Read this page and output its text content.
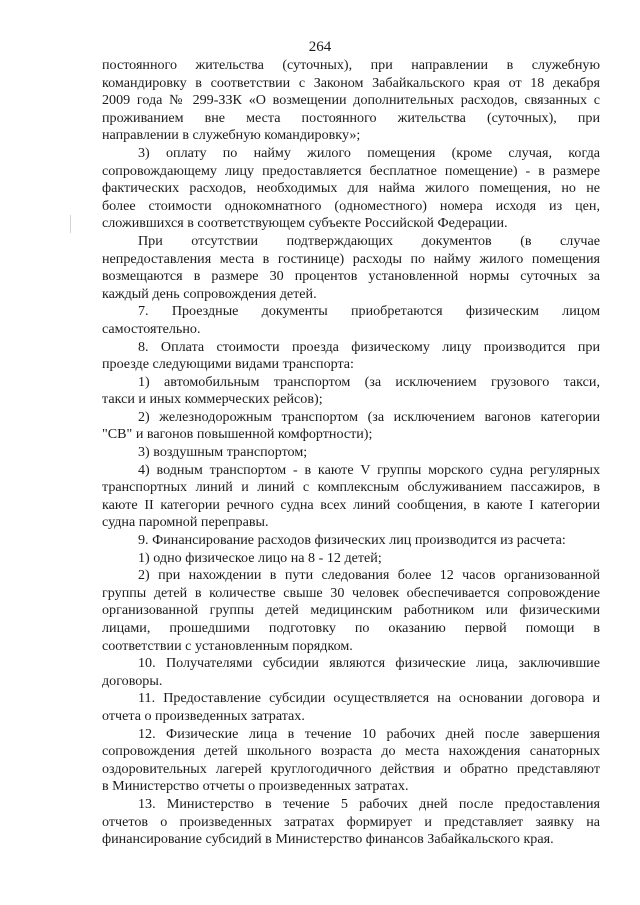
264

постоянного жительства (суточных), при направлении в служебную

командировку в соответствии с Законом Забайкальского края от 18 декабря

2009 года № 299-ЗЗК «О возмещении дополнительных расходов, связанных с

проживанием вне места постоянного жительства (суточных), при

направлении в служебную командировку»;

3) оплату по найму жилого помещения (кроме случая, когда

сопровождающему лицу предоставляется бесплатное помещение) - в размере

фактических расходов, необходимых для найма жилого помещения, но не

более стоимости однокомнатного (одноместного) номера исходя из цен,

сложившихся в соответствующем субъекте Российской Федерации.

При отсутствии подтверждающих документов (в случае

непредоставления места в гостинице) расходы по найму жилого помещения

возмещаются в размере 30 процентов установленной нормы суточных за

каждый день сопровождения детей.

7. Проездные документы приобретаются физическим лицом

самостоятельно.

8. Оплата стоимости проезда физическому лицу производится при

проезде следующими видами транспорта:

1) автомобильным транспортом (за исключением грузового такси,

такси и иных коммерческих рейсов);

2) железнодорожным транспортом (за исключением вагонов категории

"СВ" и вагонов повышенной комфортности);

3) воздушным транспортом;

4) водным транспортом - в каюте V группы морского судна регулярных

транспортных линий и линий с комплексным обслуживанием пассажиров, в

каюте II категории речного судна всех линий сообщения, в каюте I категории

судна паромной переправы.

9. Финансирование расходов физических лиц производится из расчета:

1) одно физическое лицо на 8 - 12 детей;

2) при нахождении в пути следования более 12 часов организованной

группы детей в количестве свыше 30 человек обеспечивается сопровождение

организованной группы детей медицинским работником или физическими

лицами, прошедшими подготовку по оказанию первой помощи в

соответствии с установленным порядком.

10. Получателями субсидии являются физические лица, заключившие

договоры.

11. Предоставление субсидии осуществляется на основании договора и

отчета о произведенных затратах.

12. Физические лица в течение 10 рабочих дней после завершения

сопровождения детей школьного возраста до места нахождения санаторных

оздоровительных лагерей круглогодичного действия и обратно представляют

в Министерство отчеты о произведенных затратах.

13. Министерство в течение 5 рабочих дней после предоставления

отчетов о произведенных затратах формирует и представляет заявку на

финансирование субсидий в Министерство финансов Забайкальского края.
